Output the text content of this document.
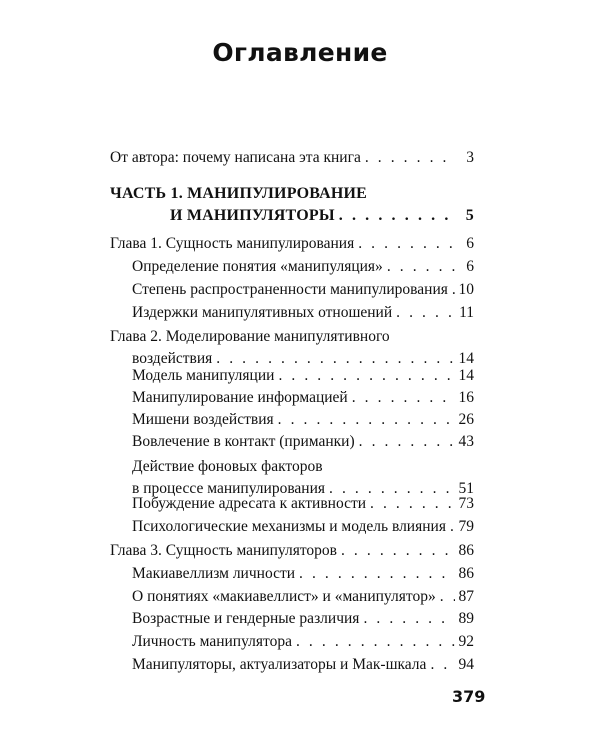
Оглавление
От автора: почему написана эта книга . . .	3
ЧАСТЬ 1. МАНИПУЛИРОВАНИЕ
И МАНИПУЛЯТОРЫ . . .	5
Глава 1. Сущность манипулирования . . .	6
Определение понятия «манипуляция» . . .	6
Степень распространенности манипулирования . . . 10
Издержки манипулятивных отношений . . .	11
Глава 2. Моделирование манипулятивного
воздействия . . .	14
Модель манипуляции . . .	14
Манипулирование информацией . . .	16
Мишени воздействия . . .	26
Вовлечение в контакт (приманки) . . .	43
Действие фоновых факторов
в процессе манипулирования . . .	51
Побуждение адресата к активности . . .	73
Психологические механизмы и модель влияния . . . 79
Глава 3. Сущность манипуляторов . . .	86
Макиавеллизм личности . . .	86
О понятиях «макиавеллист» и «манипулятор» . . . 87
Возрастные и гендерные различия . . .	89
Личность манипулятора . . .	92
Манипуляторы, актуализаторы и Мак-шкала . . . 94
379
